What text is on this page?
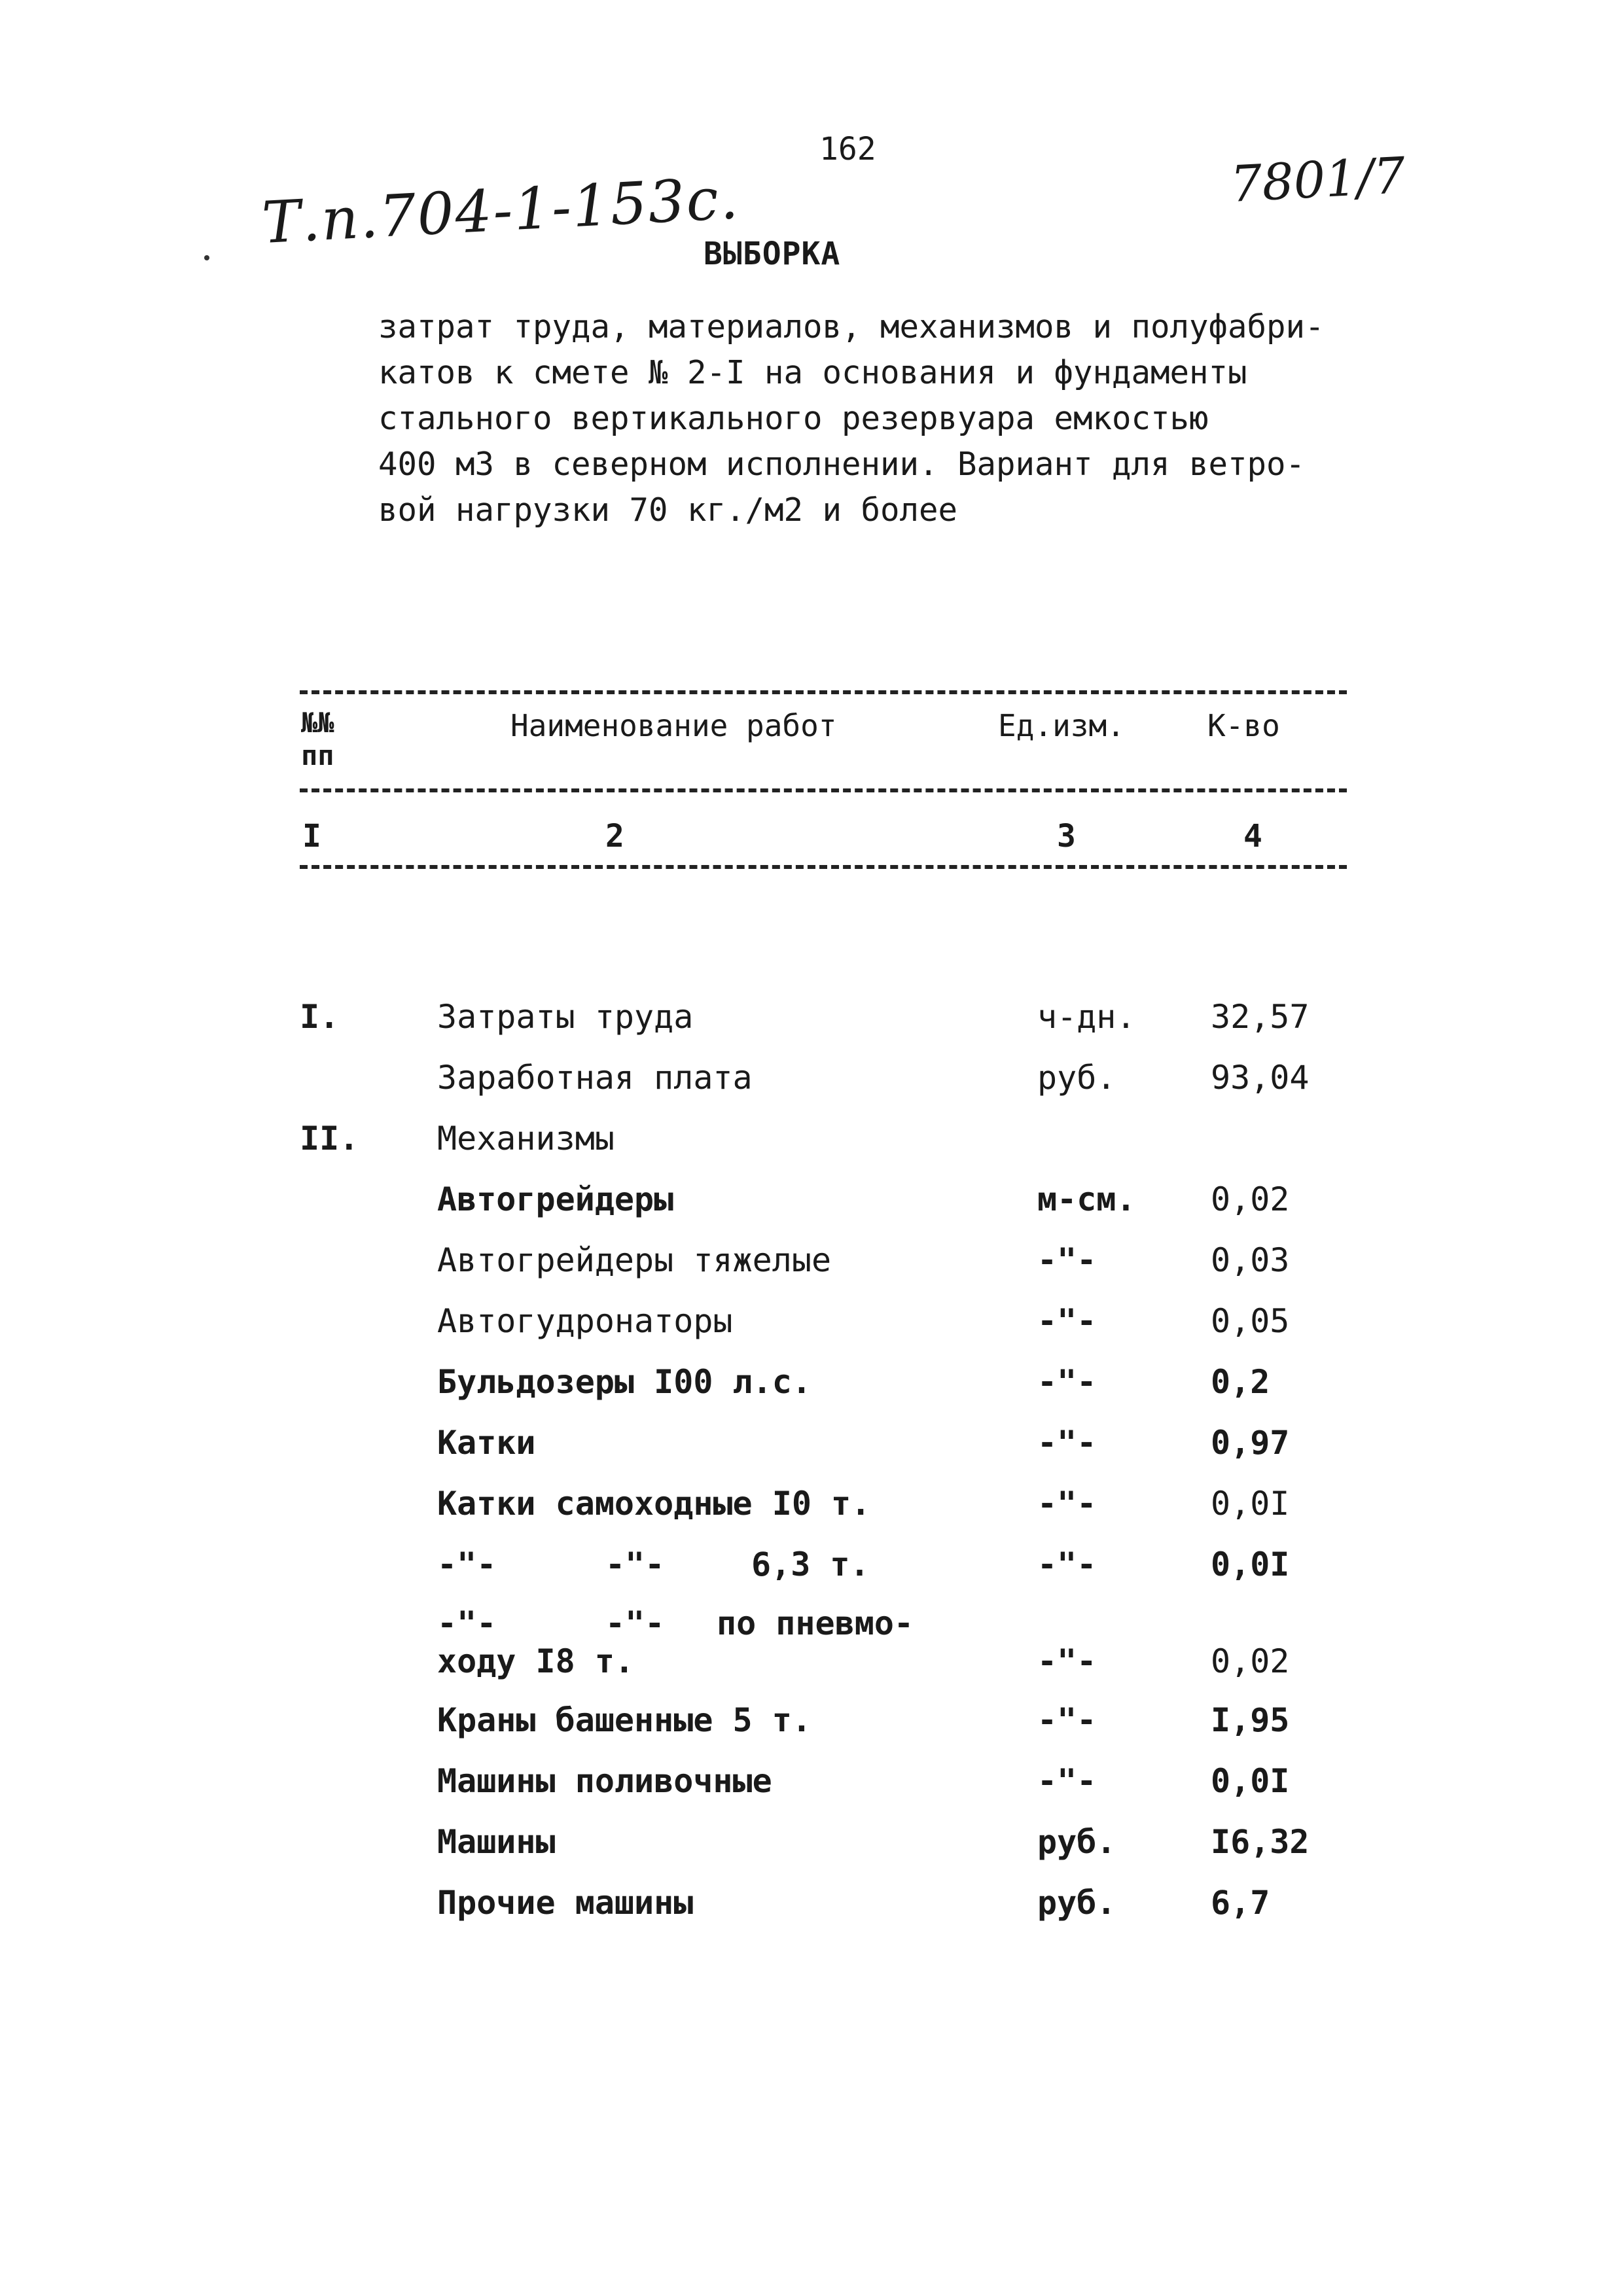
162
Т.п.704-1-153с.	7801/7
ВЫБОРКА
затрат труда, материалов, механизмов и полуфабри-
катов к смете № 2-I на основания и фундаменты
стального вертикального резервуара емкостью
400 м3 в северном исполнении. Вариант для ветро-
вой нагрузки 70 кг./м2 и более
№№
пп
Наименование работ	Ед.изм.	К-во
I	2	3	4
I.	Затраты труда	ч-дн. 32,57
Заработная плата	руб.	93,04
II. Механизмы
Автогрейдеры	м-см. 0,02
Автогрейдеры тяжелые	-"-	0,03
Автогудронаторы	-"-	0,05
Бульдозеры I00 л.с.	-"-	0,2
Катки	-"-	0,97
Катки самоходные I0 т.	-"-	0,0I
-"-	-"-	6,3 т.	-"-	0,0I
-"-	-"- по пневмо-
ходу I8 т.	-"-	0,02
Краны башенные 5 т.	-"-	I,95
Машины поливочные	-"-	0,0I
Машины	руб.	I6,32
Прочие машины	руб.	6,7
